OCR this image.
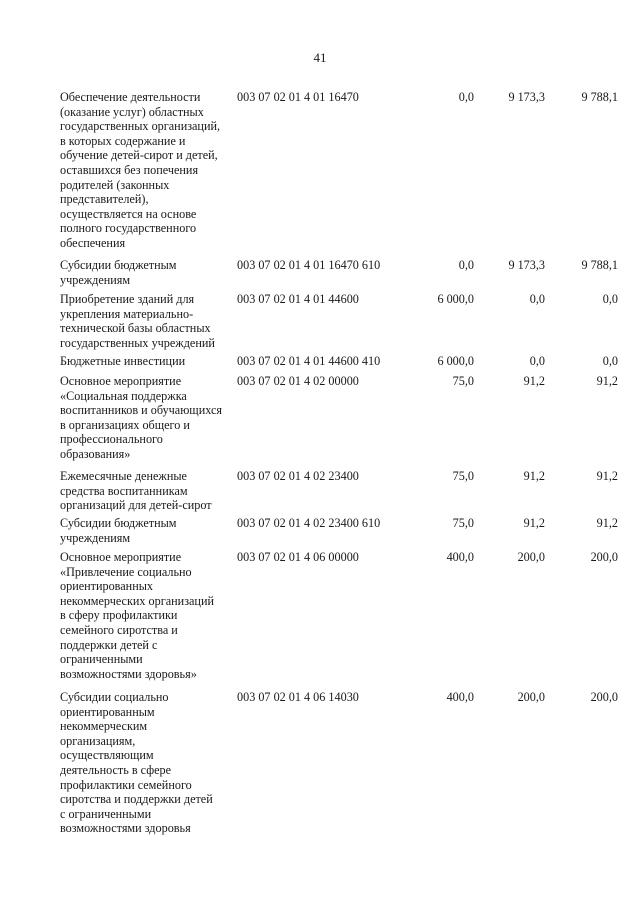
41
Обеспечение деятельности
(оказание услуг) областных
государственных организаций,
в которых содержание и
обучение детей-сирот и детей,
оставшихся без попечения
родителей (законных
представителей),
осуществляется на основе
полного государственного
обеспечения
003 07 02 01 4 01 16470	0,0	9 173,3	9 788,1
Субсидии бюджетным
учреждениям
003 07 02 01 4 01 16470 610	0,0	9 173,3	9 788,1
Приобретение зданий для
укрепления материально-
технической базы областных
государственных учреждений
003 07 02 01 4 01 44600	6 000,0	0,0	0,0
Бюджетные инвестиции	003 07 02 01 4 01 44600 410	6 000,0	0,0	0,0
Основное мероприятие
«Социальная поддержка
воспитанников и обучающихся
в организациях общего и
профессионального
образования»
003 07 02 01 4 02 00000	75,0	91,2	91,2
Ежемесячные денежные
средства воспитанникам
организаций для детей-сирот
003 07 02 01 4 02 23400	75,0	91,2	91,2
Субсидии бюджетным
учреждениям
003 07 02 01 4 02 23400 610	75,0	91,2	91,2
Основное мероприятие
«Привлечение социально
ориентированных
некоммерческих организаций
в сферу профилактики
семейного сиротства и
поддержки детей с
ограниченными
возможностями здоровья»
003 07 02 01 4 06 00000	400,0	200,0	200,0
Субсидии социально
ориентированным
некоммерческим
организациям,
осуществляющим
деятельность в сфере
профилактики семейного
сиротства и поддержки детей
с ограниченными
возможностями здоровья
003 07 02 01 4 06 14030	400,0	200,0	200,0
